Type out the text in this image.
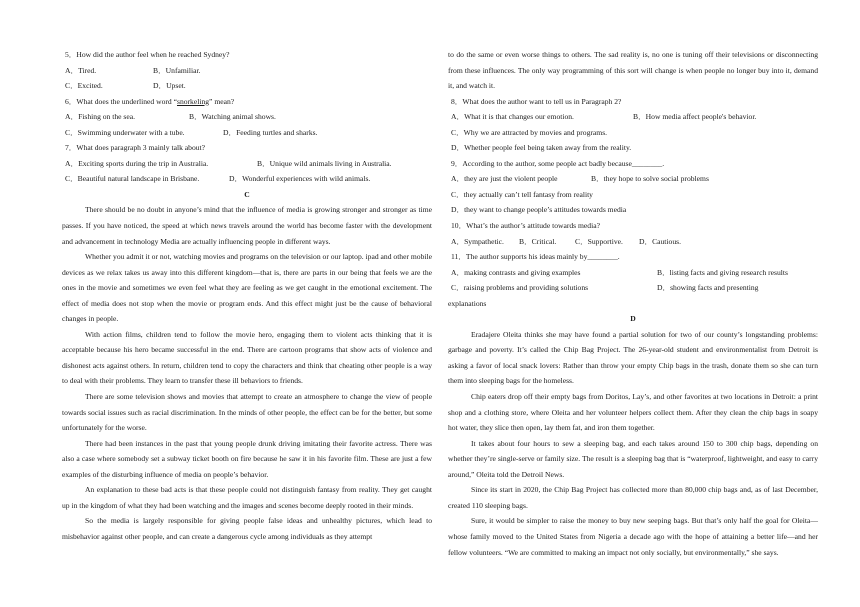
5．How did the author feel when he reached Sydney?
A．Tired.	B．Unfamiliar.
C．Excited.	D．Upset.
6．What does the underlined word “snorkeling” mean?
A．Fishing on the sea.	B．Watching animal shows.
C．Swimming underwater with a tube.	D．Feeding turtles and sharks.
7．What does paragraph 3 mainly talk about?
A．Exciting sports during the trip in Australia.	B．Unique wild animals living in Australia.
C．Beautiful natural landscape in Brisbane.	D．Wonderful experiences with wild animals.
C
There should be no doubt in anyone’s mind that the influence of media is growing stronger and stronger as time passes. If you have noticed, the speed at which news travels around the world has become faster with the development and advancement in technology Media are actually influencing people in different ways.
Whether you admit it or not, watching movies and programs on the television or our laptop. ipad and other mobile devices as we relax takes us away into this different kingdom—that is, there are parts in our being that feels we are the ones in the movie and sometimes we even feel what they are feeling as we get caught in the emotional excitement. The effect of media does not stop when the movie or program ends. And this effect might just be the cause of behavioral changes in people.
With action films, children tend to follow the movie hero, engaging them to violent acts thinking that it is acceptable because his hero became successful in the end. There are cartoon programs that show acts of violence and dishonest acts against others. In return, children tend to copy the characters and think that cheating other people is a way to deal with their problems. They learn to transfer these ill behaviors to friends.
There are some television shows and movies that attempt to create an atmosphere to change the view of people towards social issues such as racial discrimination. In the minds of other people, the effect can be for the better, but some unfortunately for the worse.
There had been instances in the past that young people drunk driving imitating their favorite actress. There was also a case where somebody set a subway ticket booth on fire because he saw it in his favorite film. These are just a few examples of the disturbing influence of media on people’s behavior.
An explanation to these bad acts is that these people could not distinguish fantasy from reality. They get caught up in the kingdom of what they had been watching and the images and scenes become deeply rooted in their minds.
So the media is largely responsible for giving people false ideas and unhealthy pictures, which lead to misbehavior against other people, and can create a dangerous cycle among individuals as they attempt
to do the same or even worse things to others. The sad reality is, no one is tuning off their televisions or disconnecting from these influences. The only way programming of this sort will change is when people no longer buy into it, demand it, and watch it.
8．What does the author want to tell us in Paragraph 2?
A．What it is that changes our emotion.	B．How media affect people's behavior.
C．Why we are attracted by movies and programs.
D．Whether people feel being taken away from the reality.
9．According to the author, some people act badly because________.
A．they are just the violent people	B．they hope to solve social problems
C．they actually can’t tell fantasy from reality
D．they want to change people’s attitudes towards media
10．What’s the author’s attitude towards media?
A．Sympathetic. B．Critical. C．Supportive. D．Cautious.
11．The author supports his ideas mainly by________.
A．making contrasts and giving examples	B．listing facts and giving research results
C．raising problems and providing solutions	D．showing facts and presenting
explanations
D
Eradajere Oleita thinks she may have found a partial solution for two of our county’s longstanding problems: garbage and poverty. It’s called the Chip Bag Project. The 26-year-old student and environmentalist from Detroit is asking a favor of local snack lovers: Rather than throw your empty Chip bags in the trash, donate them so she can turn them into sleeping bags for the homeless.
Chip eaters drop off their empty bags from Doritos, Lay’s, and other favorites at two locations in Detroit: a print shop and a clothing store, where Oleita and her volunteer helpers collect them. After they clean the chip bags in soapy hot water, they slice then open, lay them fat, and iron them together.
It takes about four hours to sew a sleeping bag, and each takes around 150 to 300 chip bags, depending on whether they’re single-serve or family size. The result is a sleeping bag that is “waterproof, lightweight, and easy to carry around,” Oleita told the Detroil News.
Since its start in 2020, the Chip Bag Project has collected more than 80,000 chip bags and, as of last December, created 110 sleeping bags.
Sure, it would be simpler to raise the money to buy new seeping bags. But that’s only half the goal for Oleita—whose family moved to the United States from Nigeria a decade ago with the hope of attaining a better life—and her fellow volunteers. “We are committed to making an impact not only socially, but environmentally,” she says.
